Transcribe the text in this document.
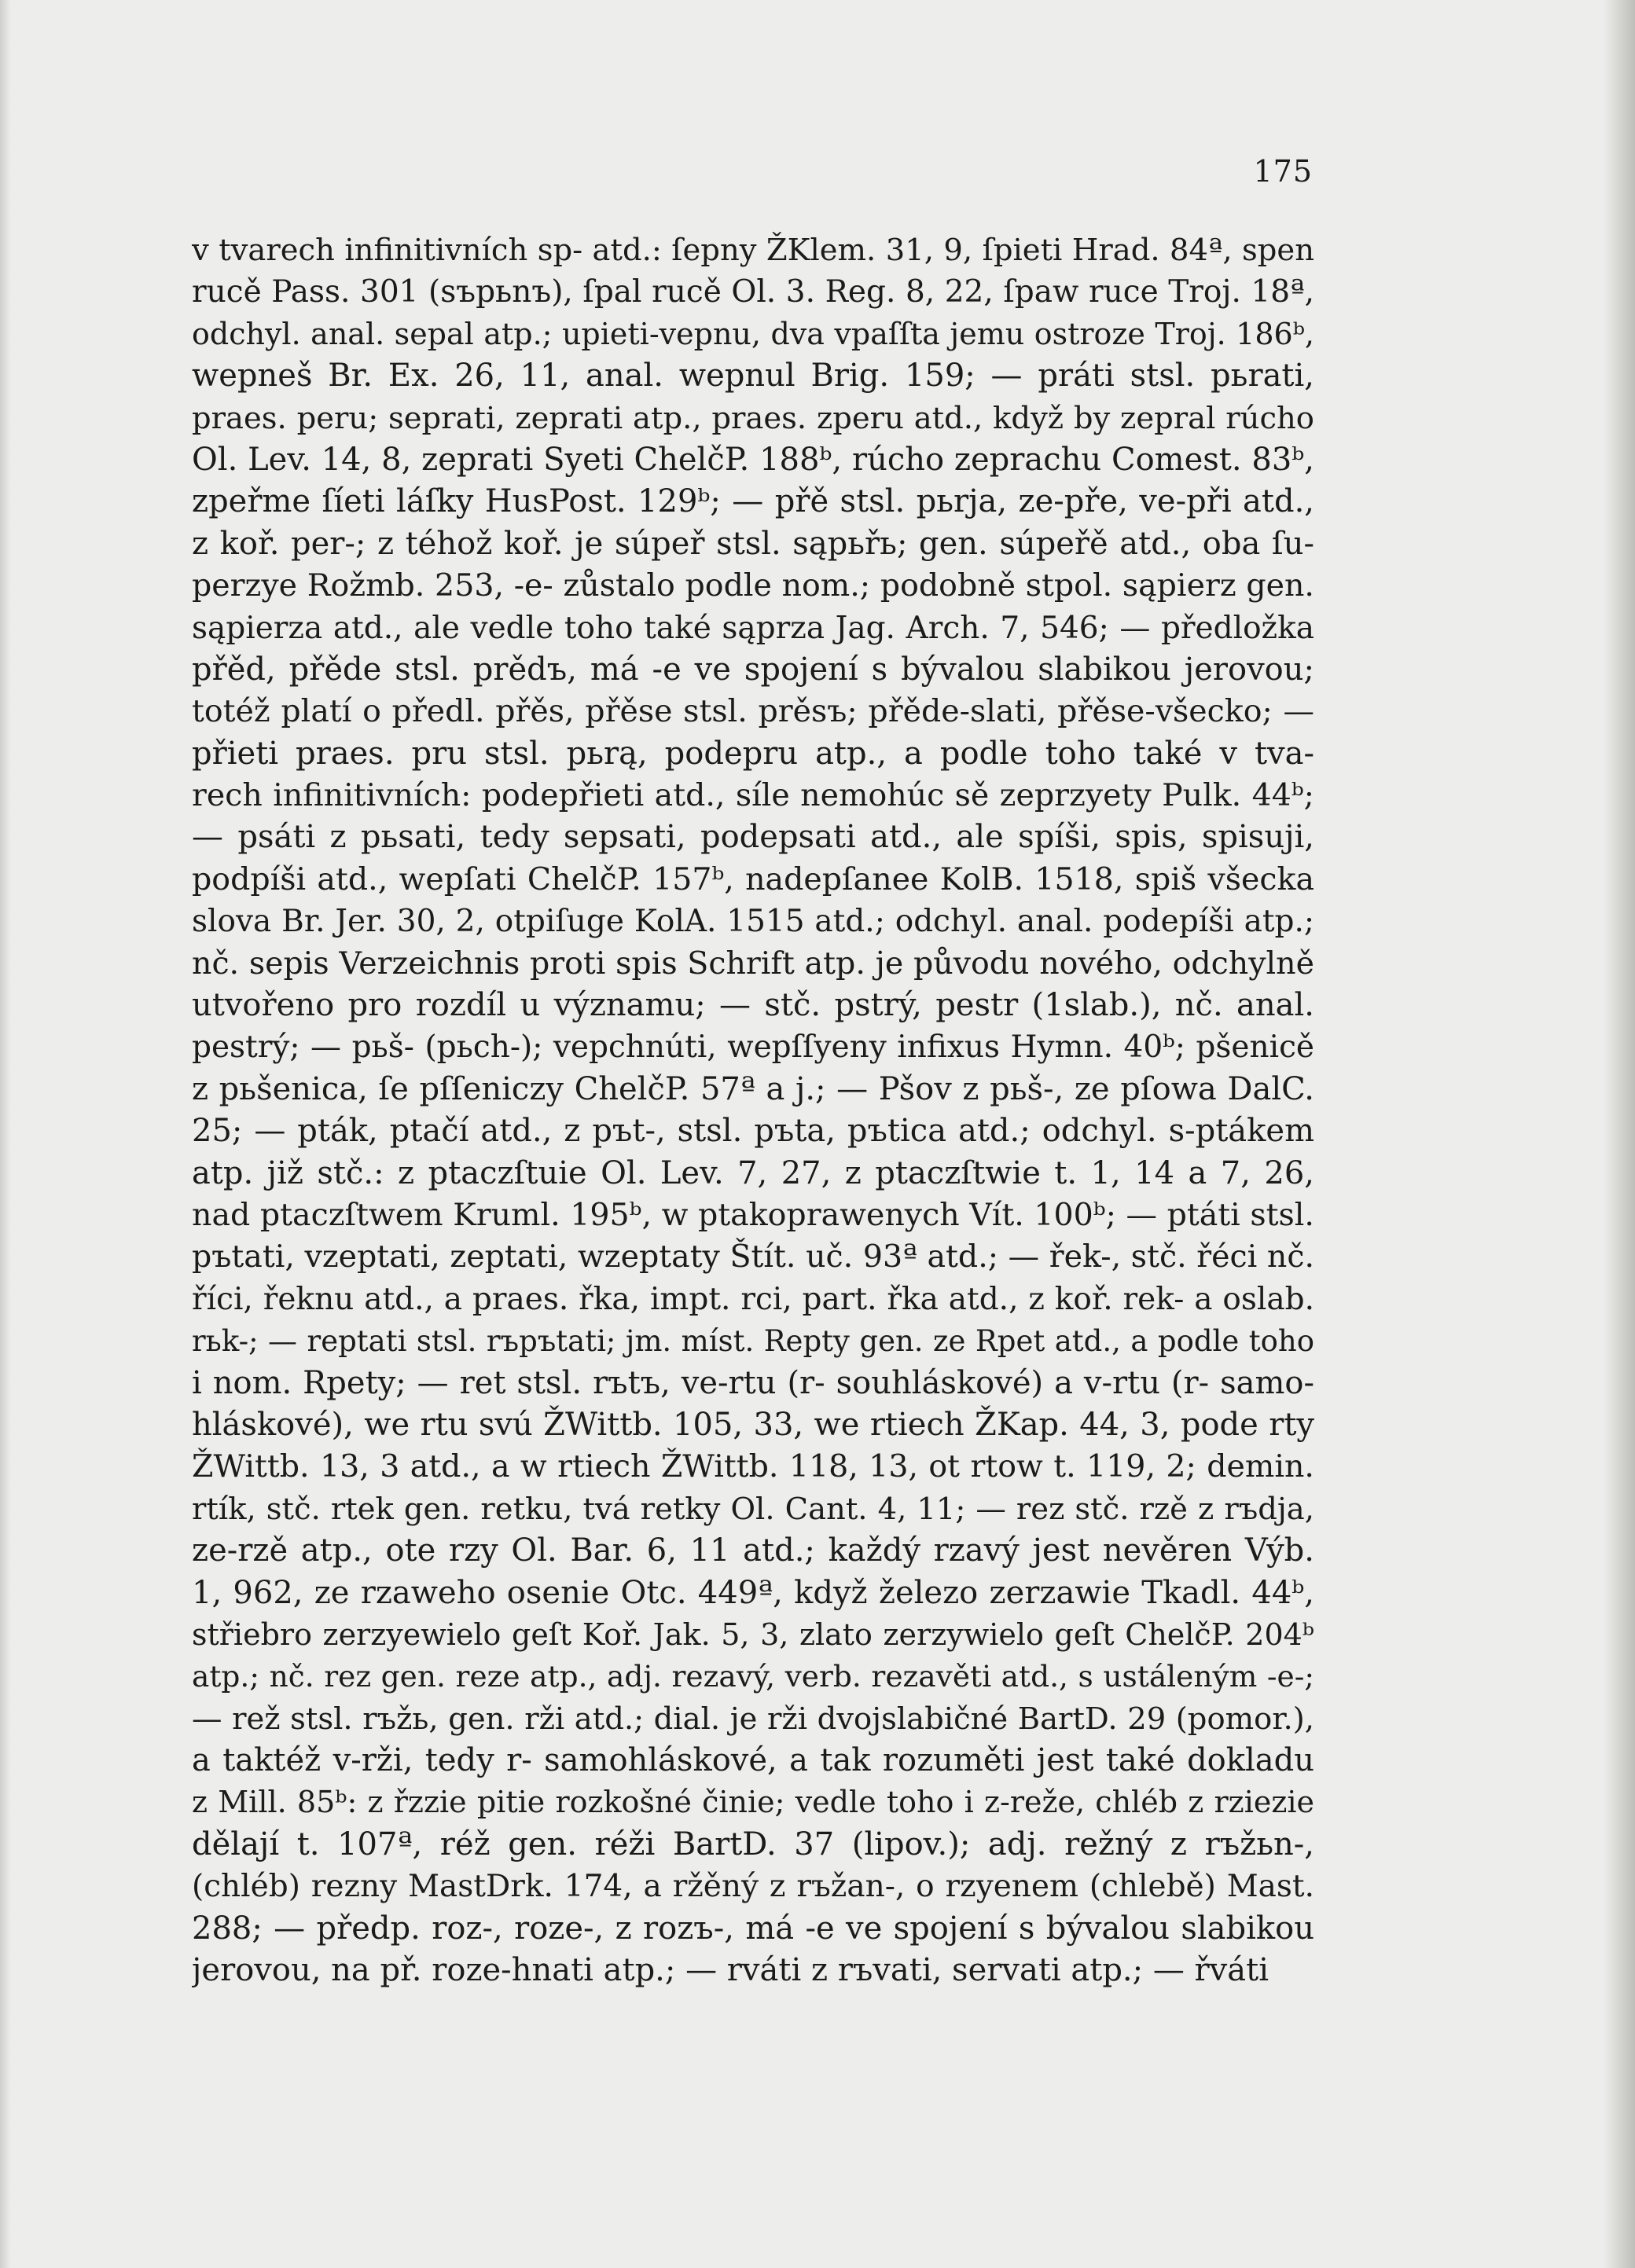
175
v tvarech infinitivních sp- atd.: ſepny ŽKlem. 31, 9, ſpieti Hrad. 84ª, spen
rucě Pass. 301 (sъpьnъ), ſpal rucě Ol. 3. Reg. 8, 22, ſpaw ruce Troj. 18ª,
odchyl. anal. sepal atp.; upieti-vepnu, dva vpaſſta jemu ostroze Troj. 186ᵇ,
wepneš Br. Ex. 26, 11, anal. wepnul Brig. 159; — práti stsl. pьrati,
praes. peru; seprati, zeprati atp., praes. zperu atd., když by zepral rúcho
Ol. Lev. 14, 8, zeprati Syeti ChelčP. 188ᵇ, rúcho zeprachu Comest. 83ᵇ,
zpeřme ſíeti láſky HusPost. 129ᵇ; — přě stsl. pьrja, ze-pře, ve-při atd.,
z koř. per-; z téhož koř. je súpeř stsl. sąpьřь; gen. súpeřě atd., oba ſu-
perzye Rožmb. 253, -e- zůstalo podle nom.; podobně stpol. sąpierz gen.
sąpierza atd., ale vedle toho také sąprza Jag. Arch. 7, 546; — předložka
přěd, přěde stsl. prědъ, má -e ve spojení s bývalou slabikou jerovou;
totéž platí o předl. přěs, přěse stsl. prěsъ; přěde-slati, přěse-všecko; —
přieti praes. pru stsl. pьrą, podepru atp., a podle toho také v tva-
rech infinitivních: podepřieti atd., síle nemohúc sě zeprzyety Pulk. 44ᵇ;
— psáti z pьsati, tedy sepsati, podepsati atd., ale spíši, spis, spisuji,
podpíši atd., wepſati ChelčP. 157ᵇ, nadepſanee KolB. 1518, spiš všecka
slova Br. Jer. 30, 2, otpiſuge KolA. 1515 atd.; odchyl. anal. podepíši atp.;
nč. sepis Verzeichnis proti spis Schrift atp. je původu nového, odchylně
utvořeno pro rozdíl u významu; — stč. pstrý, pestr (1slab.), nč. anal.
pestrý; — pьš- (pьch-); vepchnúti, wepſſyeny infixus Hymn. 40ᵇ; pšenicě
z pьšenica, ſe pſſeniczy ChelčP. 57ª a j.; — Pšov z pьš-, ze pſowa DalC.
25; — pták, ptačí atd., z pъt-, stsl. pъta, pъtica atd.; odchyl. s-ptákem
atp. již stč.: z ptaczſtuie Ol. Lev. 7, 27, z ptaczſtwie t. 1, 14 a 7, 26,
nad ptaczſtwem Kruml. 195ᵇ, w ptakoprawenych Vít. 100ᵇ; — ptáti stsl.
pъtati, vzeptati, zeptati, wzeptaty Štít. uč. 93ª atd.; — řek-, stč. řéci nč.
říci, řeknu atd., a praes. řka, impt. rci, part. řka atd., z koř. rek- a oslab.
rьk-; — reptati stsl. rъpъtati; jm. míst. Repty gen. ze Rpet atd., a podle toho
i nom. Rpety; — ret stsl. rъtъ, ve-rtu (r- souhláskové) a v-rtu (r- samo-
hláskové), we rtu svú ŽWittb. 105, 33, we rtiech ŽKap. 44, 3, pode rty
ŽWittb. 13, 3 atd., a w rtiech ŽWittb. 118, 13, ot rtow t. 119, 2; demin.
rtík, stč. rtek gen. retku, tvá retky Ol. Cant. 4, 11; — rez stč. rzě z rъdja,
ze-rzě atp., ote rzy Ol. Bar. 6, 11 atd.; každý rzavý jest nevěren Výb.
1, 962, ze rzaweho osenie Otc. 449ª, když železo zerzawie Tkadl. 44ᵇ,
střiebro zerzyewielo geſt Koř. Jak. 5, 3, zlato zerzywielo geſt ChelčP. 204ᵇ
atp.; nč. rez gen. reze atp., adj. rezavý, verb. rezavěti atd., s ustáleným -e-;
— rež stsl. rъžь, gen. rži atd.; dial. je rži dvojslabičné BartD. 29 (pomor.),
a taktéž v-rži, tedy r- samohláskové, a tak rozuměti jest také dokladu
z Mill. 85ᵇ: z řzzie pitie rozkošné činie; vedle toho i z-reže, chléb z rziezie
dělají t. 107ª, réž gen. réži BartD. 37 (lipov.); adj. režný z rъžьn-,
(chléb) rezny MastDrk. 174, a ržěný z rъžan-, o rzyenem (chlebě) Mast.
288; — předp. roz-, roze-, z rozъ-, má -e ve spojení s bývalou slabikou
jerovou, na př. roze-hnati atp.; — rváti z rъvati, servati atp.; — řváti
